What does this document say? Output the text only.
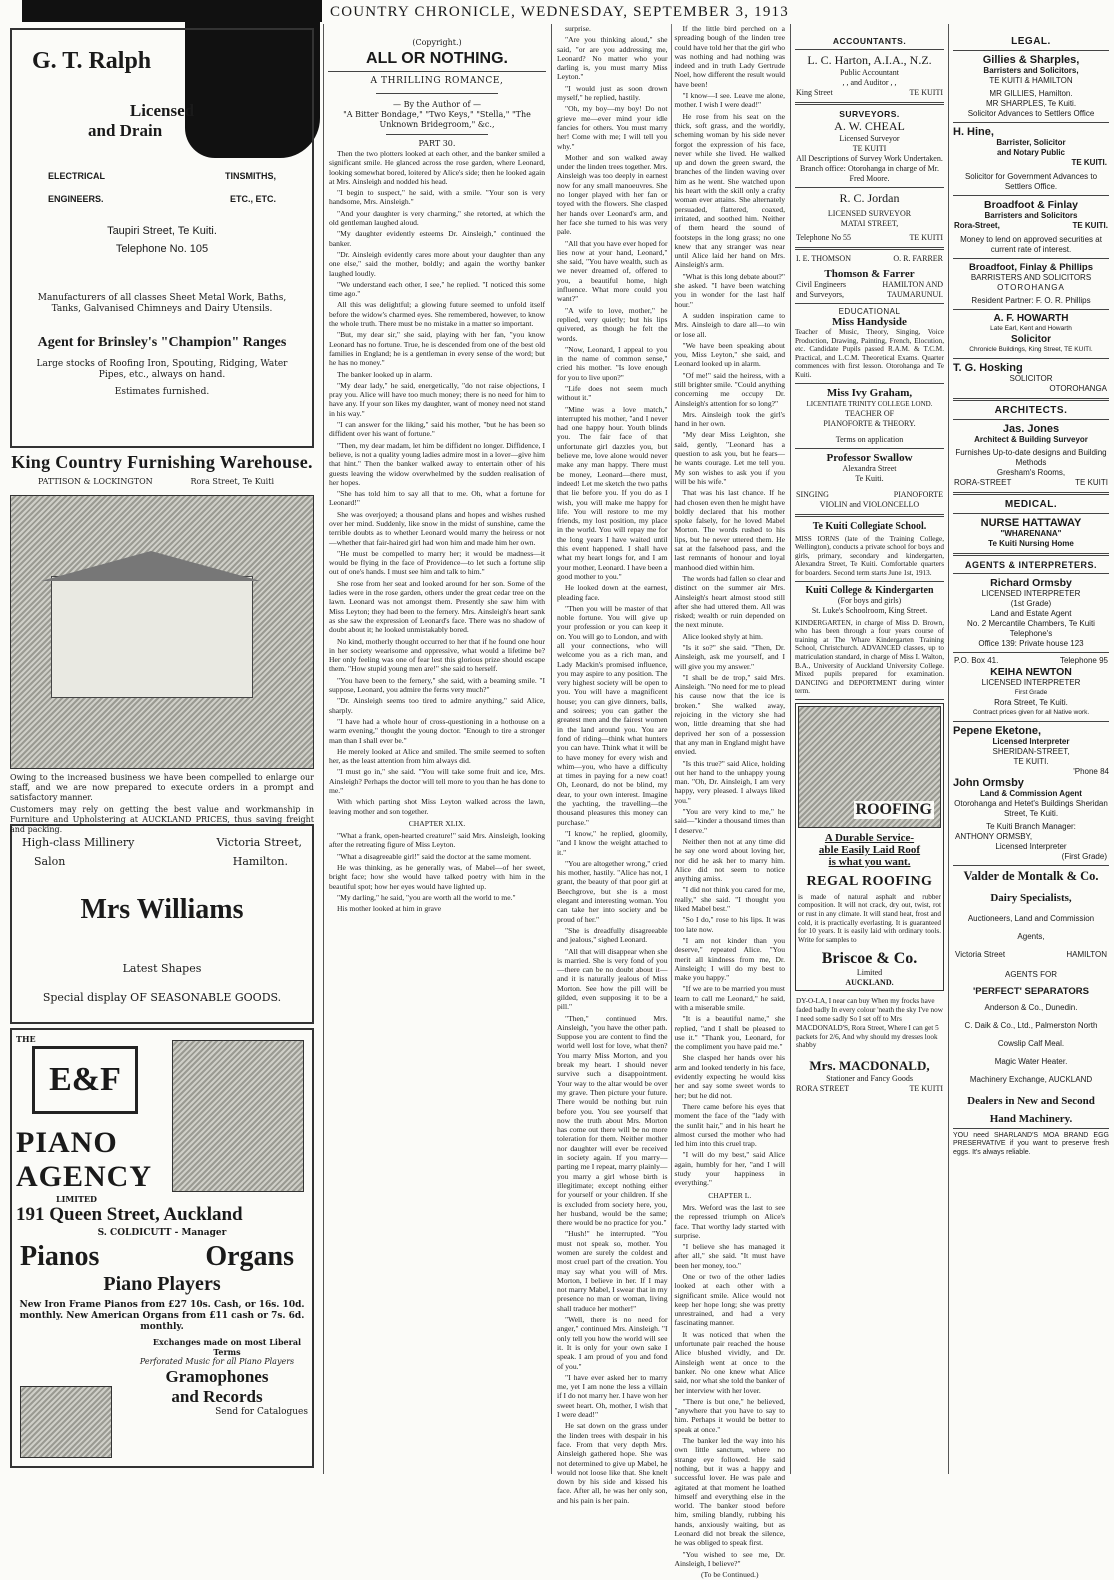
COUNTRY CHRONICLE, WEDNESDAY, SEPTEMBER 3, 1913
G. T. Ralph
Licensed
and Drain
ELECTRICAL	TINSMITHS,
ENGINEERS.	ETC., ETC.
Taupiri Street, Te Kuiti.
Telephone No. 105
Manufacturers of all classes Sheet Metal Work, Baths, Tanks, Galvanised Chimneys and Dairy Utensils.
Agent for Brinsley's "Champion" Ranges
Large stocks of Roofing Iron, Spouting, Ridging, Water Pipes, etc., always on hand.
Estimates furnished.
King Country Furnishing Warehouse.
PATTISON & LOCKINGTON	Rora Street, Te Kuiti
Owing to the increased business we have been compelled to enlarge our staff, and we are now prepared to execute orders in a prompt and satisfactory manner.
Customers may rely on getting the best value and workmanship in Furniture and Upholstering at AUCKLAND PRICES, thus saving freight and packing.
High-class Millinery	Victoria Street,
Salon	Hamilton.
Mrs Williams
Latest Shapes
Special display OF SEASONABLE GOODS.
THE
E&F
PIANO
AGENCY
LIMITED
191 Queen Street, Auckland
S. COLDICUTT - Manager
Pianos	Organs
Piano Players
New Iron Frame Pianos from £27 10s. Cash, or 16s. 10d. monthly. New American Organs from £11 cash or 7s. 6d. monthly.
Exchanges made on most Liberal Terms
Perforated Music for all Piano Players
Gramophones
and Records
Send for Catalogues
(Copyright.)
ALL OR NOTHING.
A THRILLING ROMANCE,
— By the Author of —
"A Bitter Bondage," "Two Keys," "Stella," "The Unknown Bridegroom," &c.,
PART 30.

Then the two plotters looked at each other, and the banker smiled a significant smile. He glanced across the rose garden, where Leonard, looking somewhat bored, loitered by Alice's side; then he looked again at Mrs. Ainsleigh and nodded his head.

"I begin to suspect," he said, with a smile. "Your son is very handsome, Mrs. Ainsleigh."

"And your daughter is very charming," she retorted, at which the old gentleman laughed aloud.

"My daughter evidently esteems Dr. Ainsleigh," continued the banker.

"Dr. Ainsleigh evidently cares more about your daughter than any one else," said the mother, boldly; and again the worthy banker laughed loudly.

"We understand each other, I see," he replied. "I noticed this some time ago."

All this was delightful; a glowing future seemed to unfold itself before the widow's charmed eyes. She remembered, however, to know the whole truth. There must be no mistake in a matter so important.

"But, my dear sir," she said, playing with her fan, "you know Leonard has no fortune. True, he is descended from one of the best old families in England; he is a gentleman in every sense of the word; but he has no money."

The banker looked up in alarm.

"My dear lady," he said, energetically, "do not raise objections, I pray you. Alice will have too much money; there is no need for him to have any. If your son likes my daughter, want of money need not stand in his way."

"I can answer for the liking," said his mother, "but he has been so diffident over his want of fortune."

"Then, my dear madam, let him be diffident no longer. Diffidence, I believe, is not a quality young ladies admire most in a lover—give him that hint." Then the banker walked away to entertain other of his guests leaving the widow overwhelmed by the sudden realisation of her hopes.

"She has told him to say all that to me. Oh, what a fortune for Leonard!"

She was overjoyed; a thousand plans and hopes and wishes rushed over her mind. Suddenly, like snow in the midst of sunshine, came the terrible doubts as to whether Leonard would marry the heiress or not—whether that fair-haired girl had won him and made him her own.

"He must be compelled to marry her; it would be madness—it would be flying in the face of Providence—to let such a fortune slip out of one's hands. I must see him and talk to him."

She rose from her seat and looked around for her son. Some of the ladies were in the rose garden, others under the great cedar tree on the lawn. Leonard was not amongst them. Presently she saw him with Miss Leyton; they had been to the fernery. Mrs. Ainsleigh's heart sank as she saw the expression of Leonard's face. There was no shadow of doubt about it; he looked unmistakably bored.

No kind, motherly thought occurred to her that if he found one hour in her society wearisome and oppressive, what would a lifetime be? Her only feeling was one of fear lest this glorious prize should escape them. "How stupid young men are!" she said to herself.

"You have been to the fernery," she said, with a beaming smile. "I suppose, Leonard, you admire the ferns very much?"

"Dr. Ainsleigh seems too tired to admire anything," said Alice, sharply.

"I have had a whole hour of cross-questioning in a hothouse on a warm evening," thought the young doctor. "Enough to tire a stronger man than I shall ever be."

He merely looked at Alice and smiled. The smile seemed to soften her, as the least attention from him always did.

"I must go in," she said. "You will take some fruit and ice, Mrs. Ainsleigh? Perhaps the doctor will tell more to you than he has done to me."

With which parting shot Miss Leyton walked across the lawn, leaving mother and son together.

CHAPTER XLIX.

"What a frank, open-hearted creature!" said Mrs. Ainsleigh, looking after the retreating figure of Miss Leyton.

"What a disagreeable girl!" said the doctor at the same moment.

He was thinking, as he generally was, of Mabel—of her sweet, bright face; how she would have talked poetry with him in the beautiful spot; how her eyes would have lighted up.

"My darling," he said, "you are worth all the world to me."

His mother looked at him in grave

surprise.

"Are you thinking aloud," she said, "or are you addressing me, Leonard? No matter who your darling is, you must marry Miss Leyton."

"I would just as soon drown myself," he replied, hastily.

"Oh, my boy—my boy! Do not grieve me—ever mind your idle fancies for others. You must marry her! Come with me; I will tell you why."

Mother and son walked away under the linden trees together. Mrs. Ainsleigh was too deeply in earnest now for any small manoeuvres. She no longer played with her fan or toyed with the flowers. She clasped her hands over Leonard's arm, and her face she turned to his was very pale.

"All that you have ever hoped for lies now at your hand, Leonard," she said, "You have wealth, such as we never dreamed of, offered to you, a beautiful home, high influence. What more could you want?"

"A wife to love, mother," he replied, very quietly; but his lips quivered, as though he felt the words.

"Now, Leonard, I appeal to you in the name of common sense," cried his mother. "Is love enough for you to live upon?"

"Life does not seem much without it."

"Mine was a love match," interrupted his mother, "and I never had one happy hour. Youth blinds you. The fair face of that unfortunate girl dazzles you, but believe me, love alone would never make any man happy. There must be money, Leonard—there must, indeed! Let me sketch the two paths that lie before you. If you do as I wish, you will make me happy for life. You will restore to me my friends, my lost position, my place in the world. You will repay me for the long years I have waited until this event happened. I shall have what my heart longs for, and I am your mother, Leonard. I have been a good mother to you."

He looked down at the earnest, pleading face.

"Then you will be master of that noble fortune. You will give up your profession or you can keep it on. You will go to London, and with all your connections, who will welcome you as a rich man, and Lady Mackin's promised influence, you may aspire to any position. The very highest society will be open to you. You will have a magnificent house; you can give dinners, balls, and soirees; you can gather the greatest men and the fairest women in the land around you. You are fond of riding—think what hunters you can have. Think what it will be to have money for every wish and whim—you, who have a difficulty at times in paying for a new coat! Oh, Leonard, do not be blind, my dear, to your own interest. Imagine the yachting, the travelling—the thousand pleasures this money can purchase."

"I know," he replied, gloomily, "and I know the weight attached to it."

"You are altogether wrong," cried his mother, hastily. "Alice has not, I grant, the beauty of that poor girl at Beechgrove, but she is a most elegant and interesting woman. You can take her into society and be proud of her."

"She is dreadfully disagreeable and jealous," sighed Leonard.

"All that will disappear when she is married. She is very fond of you—there can be no doubt about it—and it is naturally jealous of Miss Morton. See how the pill will be gilded, even supposing it to be a pill."

"Then," continued Mrs. Ainsleigh, "you have the other path. Suppose you are content to find the world well lost for love, what then? You marry Miss Morton, and you break my heart. I should never survive such a disappointment. Your way to the altar would be over my grave. Then picture your future. There would be nothing but ruin before you. You see yourself that now the truth about Mrs. Morton has come out there will be no more toleration for them. Neither mother nor daughter will ever be received in society again. If you marry—parting me I repeat, marry plainly—you marry a girl whose birth is illegitimate; except nothing either for yourself or your children. If she is excluded from society here, you, her husband, would be the same; there would be no practice for you."

"Hush!" he interrupted. "You must not speak so, mother. You women are surely the coldest and most cruel part of the creation. You may say what you will of Mrs. Morton, I believe in her. If I may not marry Mabel, I swear that in my presence no man or woman, living shall traduce her mother!"

"Well, there is no need for anger," continued Mrs. Ainsleigh. "I only tell you how the world will see it. It is only for your own sake I speak. I am proud of you and fond of you."

"I have ever asked her to marry me, yet I am none the less a villain if I do not marry her. I have won her sweet heart. Oh, mother, I wish that I were dead!"

He sat down on the grass under the linden trees with despair in his face. From that very depth Mrs. Ainsleigh gathered hope. She was not determined to give up Mabel, he would not loose like that. She knelt down by his side and kissed his face. After all, he was her only son, and his pain is her pain.

If the little bird perched on a spreading bough of the linden tree could have told her that the girl who was nothing and had nothing was indeed and in truth Lady Gertrude Noel, how different the result would have been!

"I know—I see. Leave me alone, mother. I wish I were dead!"

He rose from his seat on the thick, soft grass, and the worldly, scheming woman by his side never forgot the expression of his face, never while she lived. He walked up and down the green sward, the branches of the linden waving over him as he went. She watched upon his heart with the skill only a crafty woman ever attains. She alternately persuaded, flattered, coaxed, irritated, and soothed him. Neither of them heard the sound of footsteps in the long grass; no one knew that any stranger was near until Alice laid her hand on Mrs. Ainsleigh's arm.

"What is this long debate about?" she asked. "I have been watching you in wonder for the last half hour."

A sudden inspiration came to Mrs. Ainsleigh to dare all—to win or lose all.

"We have been speaking about you, Miss Leyton," she said, and Leonard looked up in alarm.

"Of me!" said the heiress, with a still brighter smile. "Could anything concerning me occupy Dr. Ainsleigh's attention for so long?"

Mrs. Ainsleigh took the girl's hand in her own.

"My dear Miss Leighton, she said, gently, "Leonard has a question to ask you, but he fears—he wants courage. Let me tell you. My son wishes to ask you if you will be his wife."

That was his last chance. If he had chosen even then he might have boldly declared that his mother spoke falsely, for he loved Mabel Morton. The words rushed to his lips, but he never uttered them. He sat at the falsehood pass, and the last remnants of honour and loyal manhood died within him.

The words had fallen so clear and distinct on the summer air Mrs. Ainsleigh's heart almost stood still after she had uttered them. All was risked; wealth or ruin depended on the next minute.

Alice looked shyly at him.

"Is it so?" she said. "Then, Dr. Ainsleigh, ask me yourself, and I will give you my answer."

"I shall be de trop," said Mrs. Ainsleigh. "No need for me to plead his cause now that the ice is broken." She walked away, rejoicing in the victory she had won, little dreaming that she had deprived her son of a possession that any man in England might have envied.

"Is this true?" said Alice, holding out her hand to the unhappy young man. "Oh, Dr. Ainsleigh, I am very happy, very pleased. I always liked you."

"You are very kind to me," he said—"kinder a thousand times than I deserve."

Neither then not at any time did he say one word about loving her, nor did he ask her to marry him. Alice did not seem to notice anything amiss.

"I did not think you cared for me, really," she said. "I thought you liked Mabel best."

"So I do," rose to his lips. It was too late now.

"I am not kinder than you deserve," repeated Alice. "You merit all kindness from me, Dr. Ainsleigh; I will do my best to make you happy."

"If we are to be married you must learn to call me Leonard," he said, with a miserable smile.

"It is a beautiful name," she replied, "and I shall be pleased to use it." "Thank you, Leonard, for the compliment you have paid me."

She clasped her hands over his arm and looked tenderly in his face, evidently expecting he would kiss her and say some sweet words to her; but he did not.

There came before his eyes that moment the face of the "lady with the sunlit hair," and in his heart he almost cursed the mother who had led him into this cruel trap.

"I will do my best," said Alice again, humbly for her, "and I will study your happiness in everything."

CHAPTER L.

Mrs. Weford was the last to see the repressed triumph on Alice's face. That worthy lady started with surprise.

"I believe she has managed it after all," she said. "It must have been her money, too."

One or two of the other ladies looked at each other with a significant smile. Alice would not keep her hope long; she was pretty unrestrained, and had a very fascinating manner.

It was noticed that when the unfortunate pair reached the house Alice blushed vividly, and Dr. Ainsleigh went at once to the banker. No one knew what Alice said, nor what she told the banker of her interview with her lover.

"There is but one," he believed, "anywhere that you have to say to him. Perhaps it would be better to speak at once."

The banker led the way into his own little sanctum, where no strange eye followed. He said nothing, but it was a happy and successful lover. He was pale and agitated at that moment he loathed himself and everything else in the world. The banker stood before him, smiling blandly, rubbing his hands, anxiously waiting, but as Leonard did not break the silence, he was obliged to speak first.

"You wished to see me, Dr. Ainsleigh, I believe?"

(To be Continued.)
ACCOUNTANTS.
L. C. Harton, A.I.A., N.Z.
Public Accountant
, , and Auditor , ,
King Street	TE KUITI
SURVEYORS.
A. W. CHEAL
Licensed Surveyor
TE KUITI
All Descriptions of Survey Work Undertaken.
Branch office: Otorohanga in charge of Mr. Fred Moore.
R. C. Jordan
LICENSED SURVEYOR
MATAI STREET,
Telephone No 55	TE KUITI
I. E. THOMSON	O. R. FARRER
Thomson & Farrer
Civil Engineers	HAMILTON AND
and Surveyors,	TAUMARUNUI.
EDUCATIONAL
Miss Handyside
Teacher of Music, Theory, Singing, Voice Production, Drawing, Painting, French, Elocution, etc. Candidate Pupils passed R.A.M. & T.C.M. Practical, and L.C.M. Theoretical Exams. Quarter commences with first lesson. Otorohanga and Te Kuiti.
Miss Ivy Graham,
LICENTIATE TRINITY COLLEGE LOND.
TEACHER OF
PIANOFORTE & THEORY.
Terms on application
Professor Swallow
Alexandra Street
Te Kuiti.
SINGING	PIANOFORTE
VIOLIN and VIOLONCELLO
Te Kuiti Collegiate School.
MISS IORNS (late of the Training College, Wellington), conducts a private school for boys and girls, primary, secondary and kindergarten, Alexandra Street, Te Kuiti. Comfortable quarters for boarders. Second term starts June 1st, 1913.
Kuiti College & Kindergarten
(For boys and girls)
St. Luke's Schoolroom, King Street.
KINDERGARTEN, in charge of Miss D. Brown, who has been through a four years course of training at The Whare Kindergarten Training School, Christchurch. ADVANCED classes, up to matriculation standard, in charge of Miss I. Walton, B.A., University of Auckland University College. Mixed pupils prepared for examination. DANCING and DEPORTMENT during winter term.
ROOFING
A Durable Service-
able Easily Laid Roof
is what you want.
REGAL ROOFING
is made of natural asphalt and rubber composition. It will not crack, dry out, twist, rot or rust in any climate. It will stand heat, frost and cold, it is practically everlasting. It is guaranteed for 10 years. It is easily laid with ordinary tools. Write for samples to
Briscoe & Co.
Limited
AUCKLAND.
DY-O-LA, I near can buy When my frocks have faded badly In every colour 'neath the sky I've now I need some sadly So I set off to Mrs MACDONALD'S, Rora Street, Where I can get 5 packets for 2/6, And why should my dresses look shabby
Mrs. MACDONALD,
Stationer and Fancy Goods
RORA STREET	TE KUITI
LEGAL.
Gillies & Sharples,
Barristers and Solicitors,
TE KUITI & HAMILTON
MR GILLIES, Hamilton.
MR SHARPLES, Te Kuiti.
Solicitor Advances to Settlers Office
H. Hine,
Barrister, Solicitor
and Notary Public
TE KUITI.
Solicitor for Government Advances to Settlers Office.
Broadfoot & Finlay
Barristers and Solicitors
Rora-Street,	TE KUITI.
Money to lend on approved securities at current rate of interest.
Broadfoot, Finlay & Phillips
BARRISTERS AND SOLICITORS
OTOROHANGA
Resident Partner: F. O. R. Phillips
A. F. HOWARTH
Late Earl, Kent and Howarth
Solicitor
Chronicle Buildings, King Street, TE KUITI.
T. G. Hosking
SOLICITOR
OTOROHANGA
ARCHITECTS.
Jas. Jones
Architect & Building Surveyor
Furnishes Up-to-date designs and Building Methods
Gresham's Rooms,
RORA-STREET	TE KUITI
MEDICAL.
NURSE HATTAWAY
"WHARENANA"
Te Kuiti Nursing Home
AGENTS & INTERPRETERS.
Richard Ormsby
LICENSED INTERPRETER
(1st Grade)
Land and Estate Agent
No. 2 Mercantile Chambers, Te Kuiti
Telephone's
Office 139: Private house 123
P.O. Box 41.	Telephone 95
KEIHA NEWTON
LICENSED INTERPRETER
First Grade
Rora Street, Te Kuiti.
Contract prices given for all Native work.
Pepene Eketone,
Licensed Interpreter
SHERIDAN-STREET,
TE KUITI.
'Phone 84
John Ormsby
Land & Commission Agent
Otorohanga and Hetet's Buildings Sheridan Street, Te Kuiti.
Te Kuiti Branch Manager:
ANTHONY ORMSBY,
Licensed Interpreter
(First Grade)
Valder de Montalk & Co.
Dairy Specialists,
Auctioneers, Land and Commission
Agents,
Victoria Street	HAMILTON
AGENTS FOR
'PERFECT' SEPARATORS
Anderson & Co., Dunedin.
C. Daik & Co., Ltd., Palmerston North
Cowslip Calf Meal.
Magic Water Heater.
Machinery Exchange, AUCKLAND
Dealers in New and Second
Hand Machinery.
YOU need SHARLAND'S MOA BRAND EGG PRESERVATIVE if you want to preserve fresh eggs. It's always reliable.
